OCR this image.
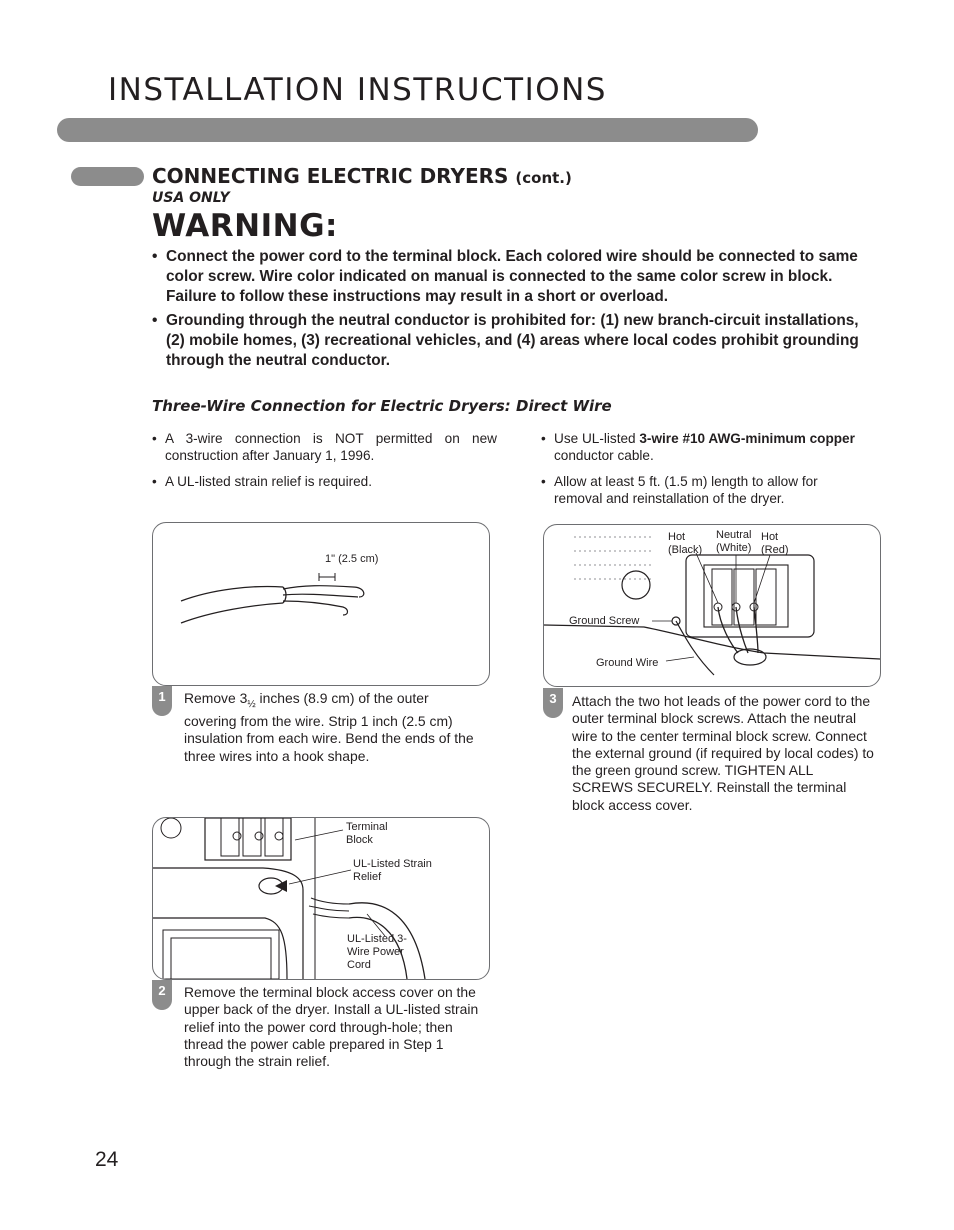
INSTALLATION INSTRUCTIONS
CONNECTING ELECTRIC DRYERS (cont.)
USA ONLY
WARNING:
• Connect the power cord to the terminal block. Each colored wire should be connected to same color screw. Wire color indicated on manual is connected to the same color screw in block. Failure to follow these instructions may result in a short or overload.
• Grounding through the neutral conductor is prohibited for: (1) new branch-circuit installations, (2) mobile homes, (3) recreational vehicles, and (4) areas where local codes prohibit grounding through the neutral conductor.
Three-Wire Connection for Electric Dryers: Direct Wire
• A 3-wire connection is NOT permitted on new construction after January 1, 1996.
• A UL-listed strain relief is required.
• Use UL-listed 3-wire #10 AWG-minimum copper conductor cable.
• Allow at least 5 ft. (1.5 m) length to allow for removal and reinstallation of the dryer.
1" (2.5 cm)
1	Remove $3_{\frac{1}{2}}$ inches (8.9 cm) of the outer covering from the wire. Strip 1 inch (2.5 cm) insulation from each wire. Bend the ends of the three wires into a hook shape.
Terminal Block
UL-Listed Strain Relief
UL-Listed 3-Wire Power Cord
2	Remove the terminal block access cover on the upper back of the dryer. Install a UL-listed strain relief into the power cord through-hole; then thread the power cable prepared in Step 1 through the strain relief.
Hot (Black)
Neutral (White)
Hot (Red)
Ground Screw
Ground Wire
3	Attach the two hot leads of the power cord to the outer terminal block screws. Attach the neutral wire to the center terminal block screw. Connect the external ground (if required by local codes) to the green ground screw. TIGHTEN ALL SCREWS SECURELY. Reinstall the terminal block access cover.
24
